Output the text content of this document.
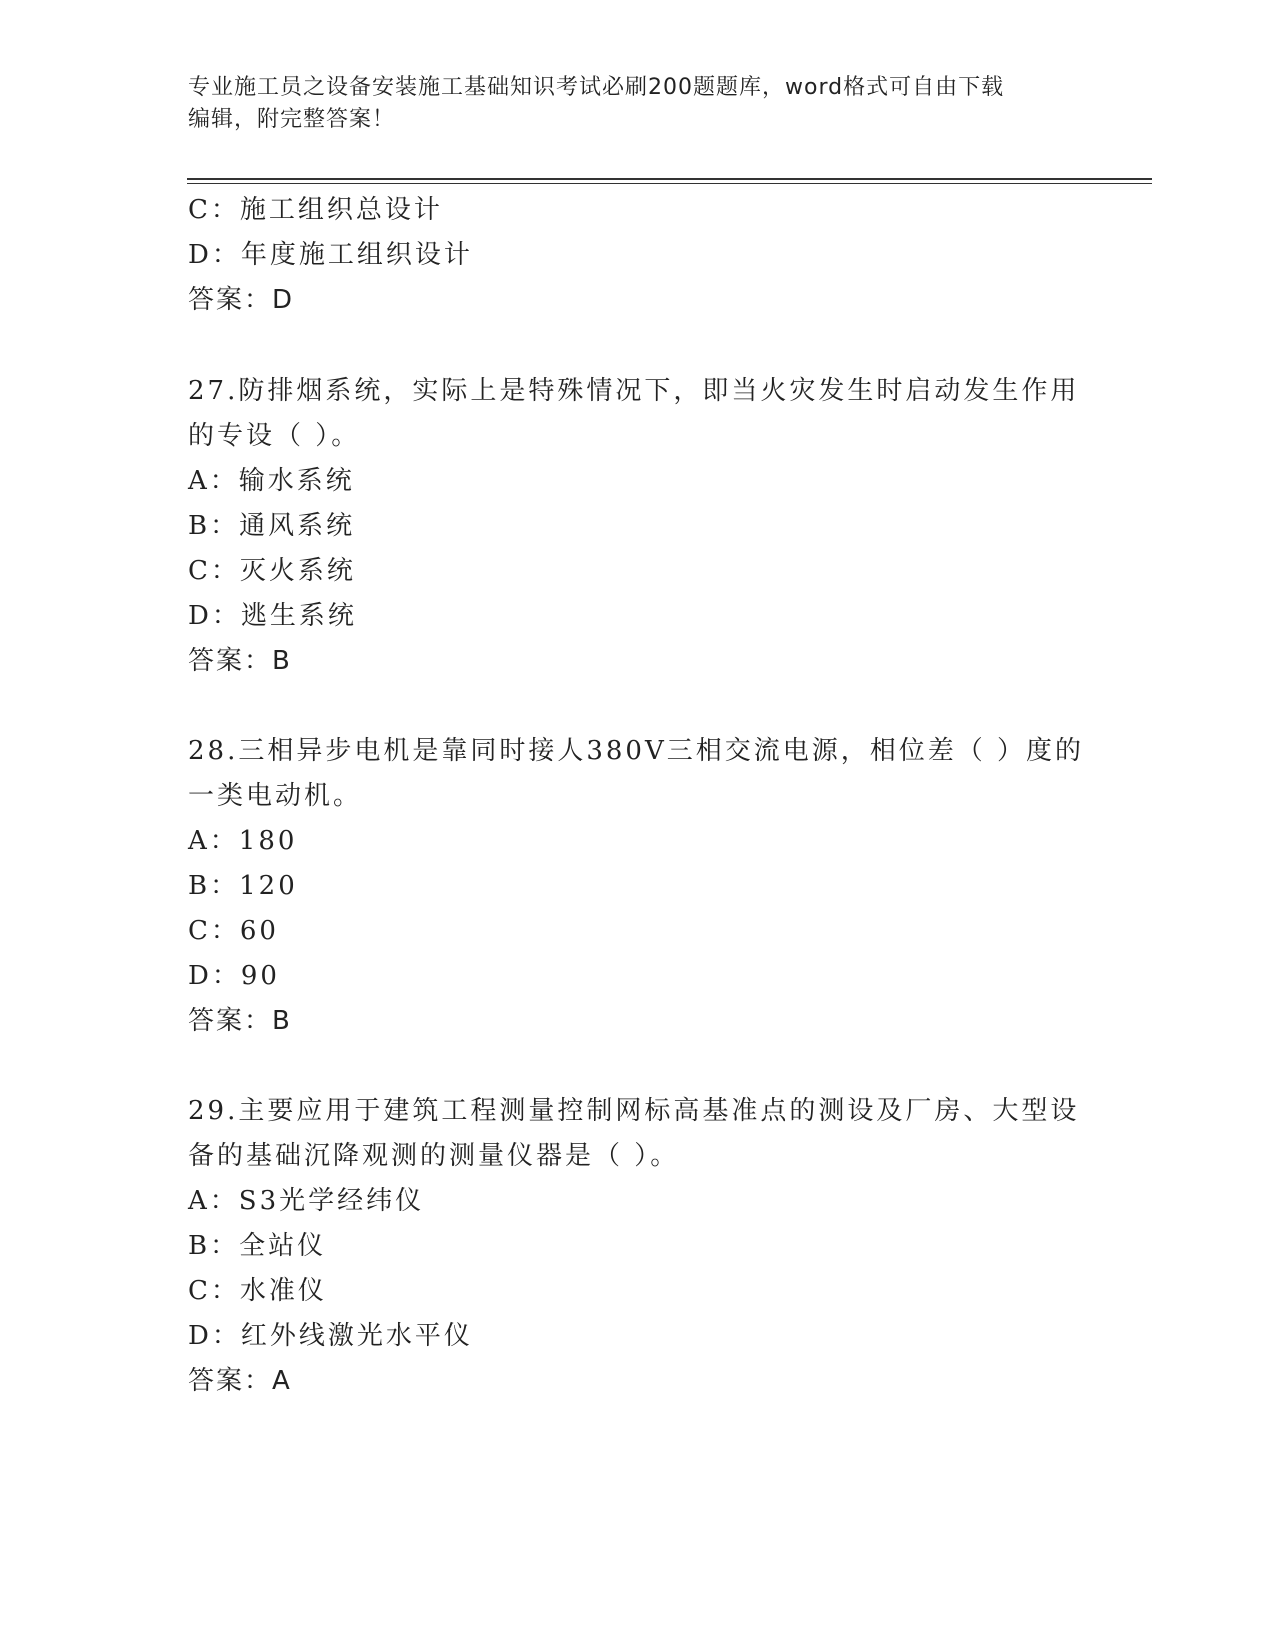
专业施工员之设备安装施工基础知识考试必刷200题题库，word格式可自由下载
编辑，附完整答案！
C：施工组织总设计
D：年度施工组织设计
答案：D
27.防排烟系统，实际上是特殊情况下，即当火灾发生时启动发生作用
的专设（ ）。
A：输水系统
B：通风系统
C：灭火系统
D：逃生系统
答案：B
28.三相异步电机是靠同时接人380V三相交流电源，相位差（ ）度的
一类电动机。
A：180
B：120
C：60
D：90
答案：B
29.主要应用于建筑工程测量控制网标高基准点的测设及厂房、大型设
备的基础沉降观测的测量仪器是（ ）。
A：S3光学经纬仪
B：全站仪
C：水准仪
D：红外线激光水平仪
答案：A
